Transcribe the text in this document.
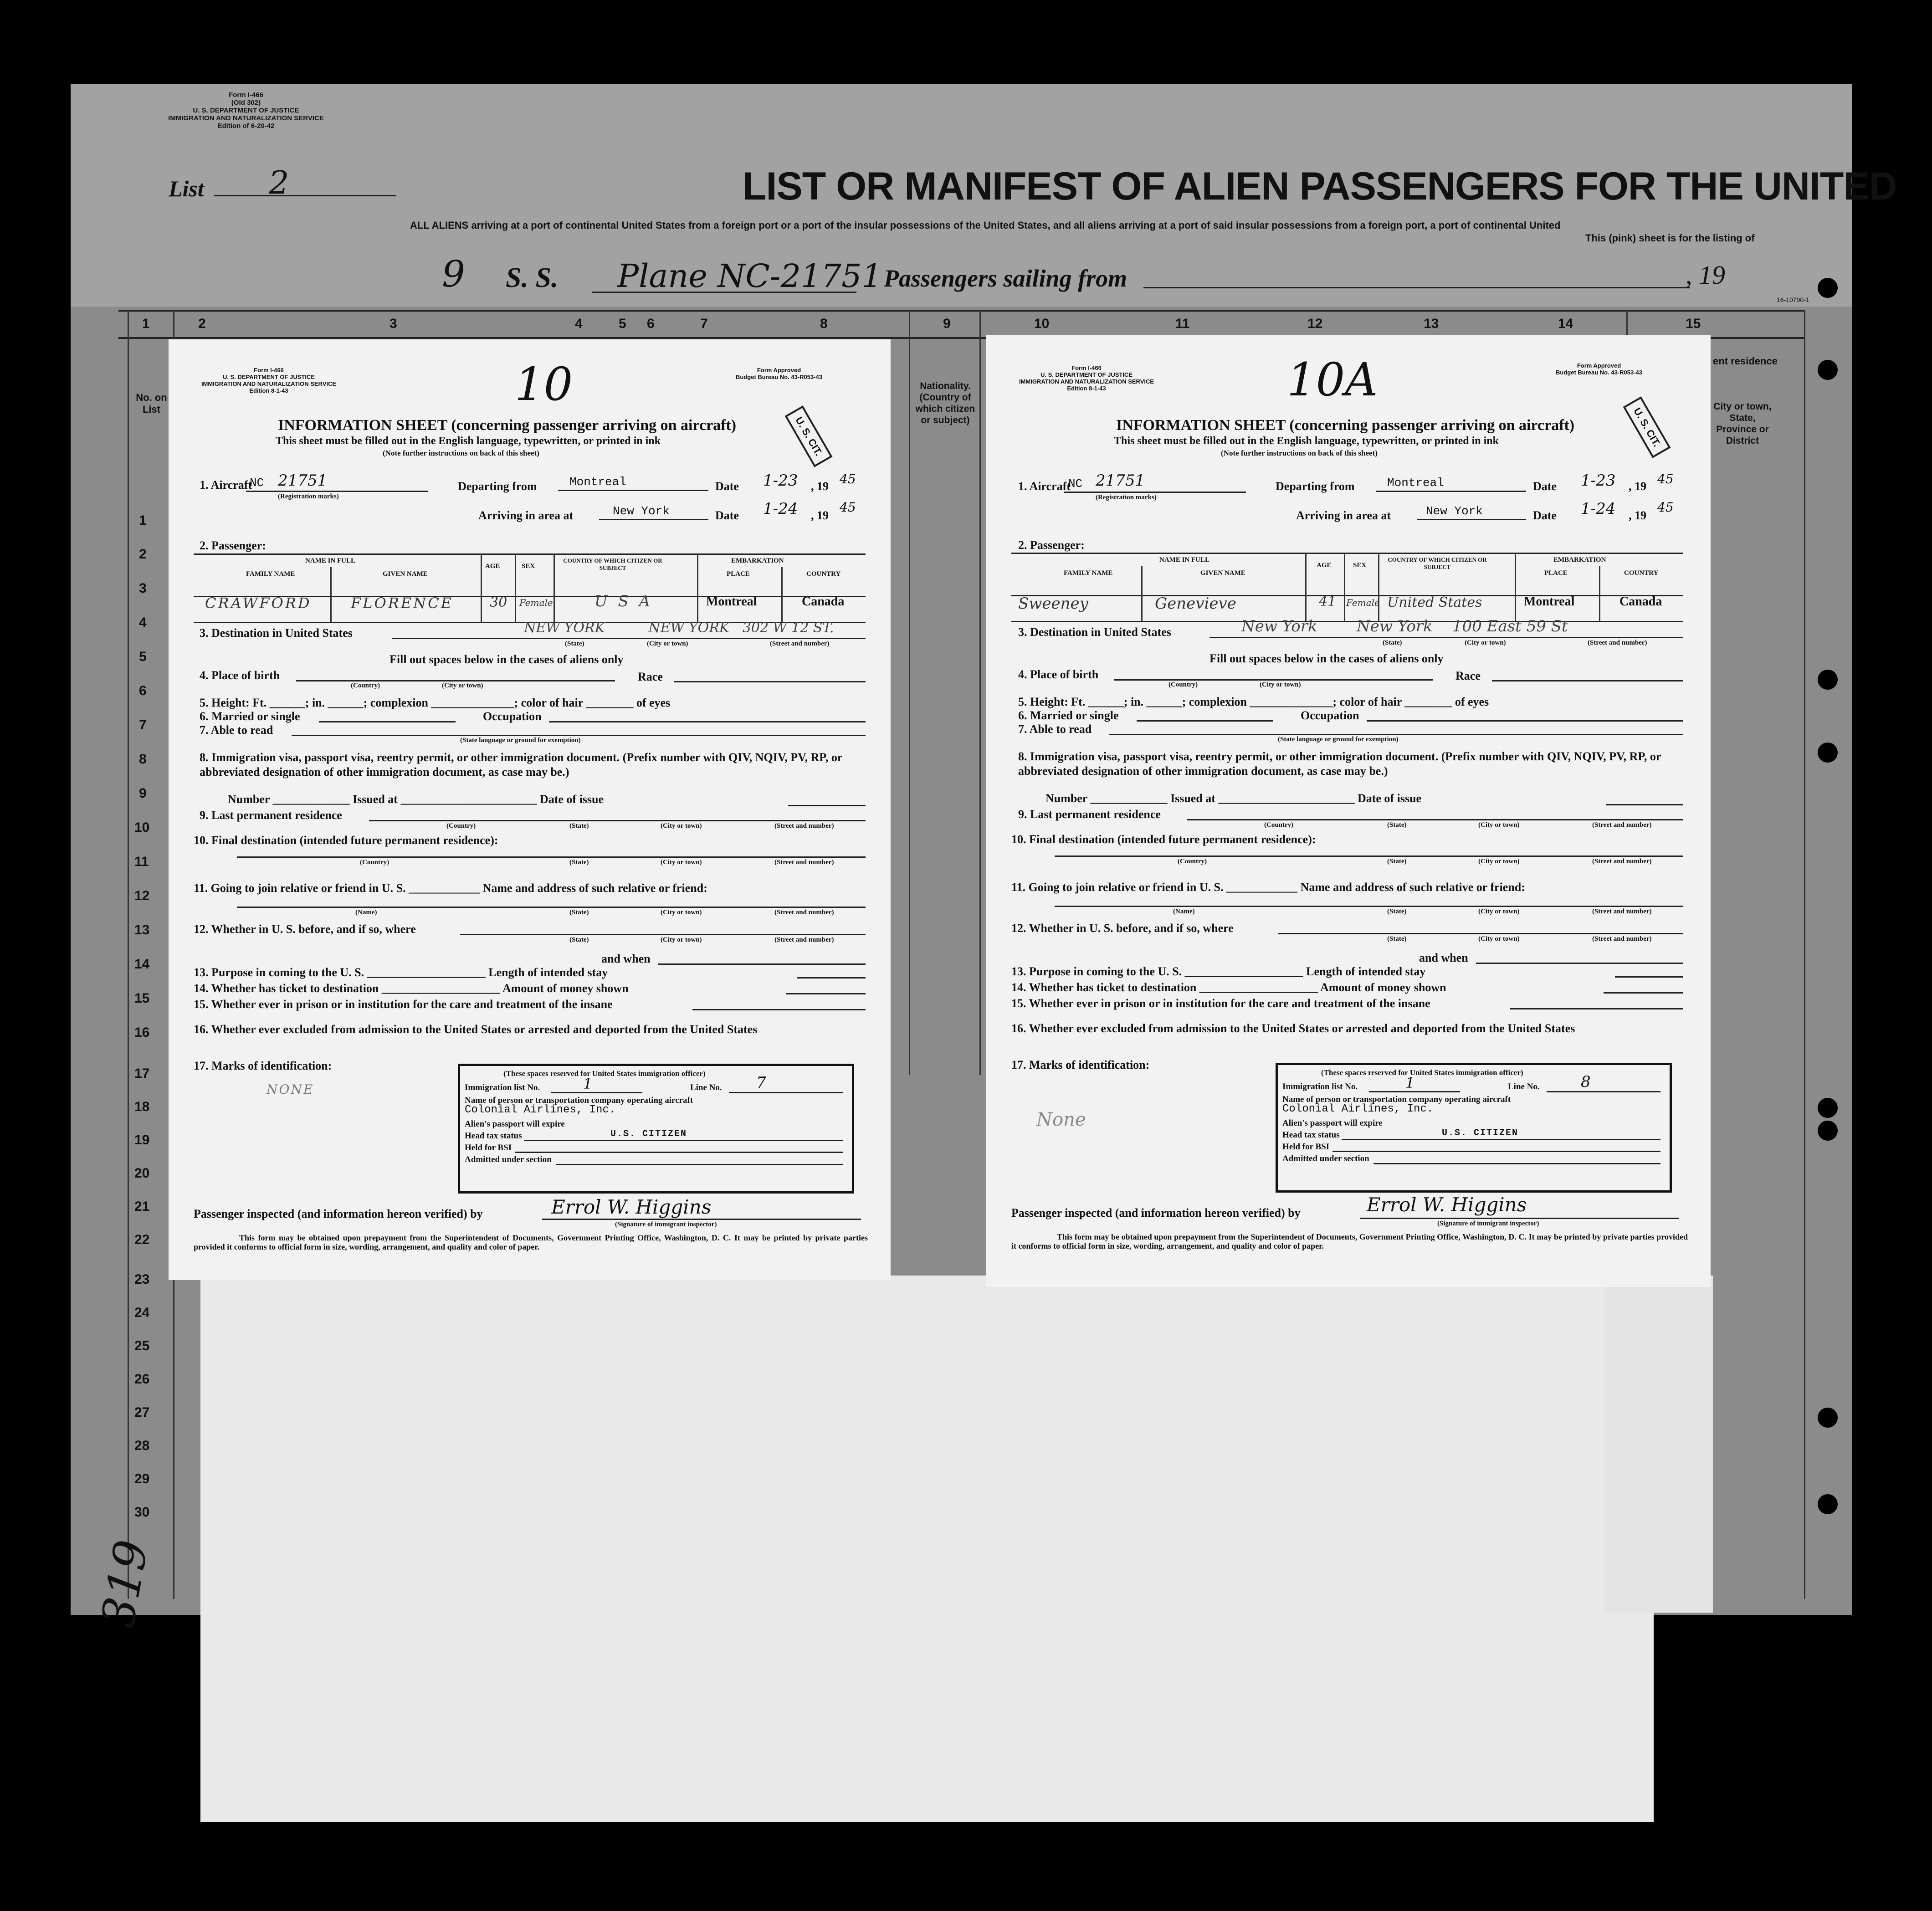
Form I-466
(Old 302)
U. S. DEPARTMENT OF JUSTICE
IMMIGRATION AND NATURALIZATION SERVICE
Edition of 6-20-42
List 2	LIST OR MANIFEST OF ALIEN PASSENGERS FOR THE UNITED
ALL ALIENS arriving at a port of continental United States from a foreign port or a port of the insular possessions of the United States, and all aliens arriving at a port of said insular possessions from a foreign port, a port of continental United
This (pink) sheet is for the listing of
9 S. S. Plane NC-21751 Passengers sailing from	, 19
16-10790-1
1	2	3	4	5 6	7	8	9	10	11	12	13	14	15
No. on List
Nationality. (Country of which citizen or subject)
ent residence
City or town, State, Province or District
1
2
3
4
5
6
7
8
9
10
11
12
13
14
15
16
17
18
19
20
21
22
23
24
25
26
27
28
29
30
319
Form I-466
U. S. DEPARTMENT OF JUSTICE
IMMIGRATION AND NATURALIZATION SERVICE
Edition 8-1-43	10	Form Approved
Budget Bureau No. 43-R053-43
INFORMATION SHEET (concerning passenger arriving on aircraft)
This sheet must be filled out in the English language, typewritten, or printed in ink
(Note further instructions on back of this sheet)	U. S. CIT.
1. Aircraft
NC 21751
(Registration marks)
Departing from	Montreal	Date 1-23 , 19 45
Arriving in area at	New York	Date 1-24 , 19
45
2. Passenger:
NAME IN FULL
FAMILY NAME	GIVEN NAME
AGE	SEX
COUNTRY OF WHICH CITIZEN OR SUBJECT
EMBARKATION
PLACE	COUNTRY
CRAWFORD	FLORENCE	30 Female	U S A	Montreal	Canada
3. Destination in United States	NEW YORK          NEW YORK   302 W 12 ST.
(State)	(City or town)	(Street and number)
Fill out spaces below in the cases of aliens only
4. Place of birth
(Country)	(City or town)
Race
5. Height: Ft. ______; in. ______; complexion ______________; color of hair ________ of eyes
6. Married or single	Occupation
7. Able to read
(State language or ground for exemption)
8. Immigration visa, passport visa, reentry permit, or other immigration document. (Prefix number with QIV, NQIV, PV, RP, or abbreviated designation of other immigration document, as case may be.)
Number _____________ Issued at _______________________ Date of issue
9. Last permanent residence
(Country)	(State)	(City or town)	(Street and number)
10. Final destination (intended future permanent residence):
(Country)	(State)	(City or town)	(Street and number)
11. Going to join relative or friend in U. S. ____________ Name and address of such relative or friend:
(Name)	(State)	(City or town)	(Street and number)
12. Whether in U. S. before, and if so, where
(State)	(City or town)	(Street and number)
and when
13. Purpose in coming to the U. S. ____________________ Length of intended stay
14. Whether has ticket to destination ____________________ Amount of money shown
15. Whether ever in prison or in institution for the care and treatment of the insane
16. Whether ever excluded from admission to the United States or arrested and deported from the United States
17. Marks of identification:
NONE
(These spaces reserved for United States immigration officer)
Immigration list No.	1	Line No. 7
Name of person or transportation company operating aircraft
Colonial Airlines, Inc.
Alien's passport will expire
Head tax status	U.S. CITIZEN
Held for BSI
Admitted under section
Passenger inspected (and information hereon verified) by	Errol W. Higgins
(Signature of immigrant inspector)
This form may be obtained upon prepayment from the Superintendent of Documents, Government Printing Office, Washington, D. C. It may be printed by private parties provided it conforms to official form in size, wording, arrangement, and quality and color of paper.
Form I-466
U. S. DEPARTMENT OF JUSTICE
IMMIGRATION AND NATURALIZATION SERVICE
Edition 8-1-43	10A	Form Approved
Budget Bureau No. 43-R053-43
INFORMATION SHEET (concerning passenger arriving on aircraft)
This sheet must be filled out in the English language, typewritten, or printed in ink
(Note further instructions on back of this sheet)
U. S. CIT.
1. Aircraft
NC 21751
(Registration marks)
Departing from	Montreal	Date 1-23 , 19 45
Arriving in area at	New York	Date 1-24 , 19
45
2. Passenger:
NAME IN FULL
FAMILY NAME	GIVEN NAME
AGE	SEX
COUNTRY OF WHICH CITIZEN OR SUBJECT
EMBARKATION
PLACE	COUNTRY
Sweeney	Genevieve	41 Female United States	Montreal	Canada
3. Destination in United States	New York        New York    100 East 59 St
(State)	(City or town)	(Street and number)
Fill out spaces below in the cases of aliens only
4. Place of birth
(Country)	(City or town)
Race
5. Height: Ft. ______; in. ______; complexion ______________; color of hair ________ of eyes
6. Married or single	Occupation
7. Able to read
(State language or ground for exemption)
8. Immigration visa, passport visa, reentry permit, or other immigration document. (Prefix number with QIV, NQIV, PV, RP, or abbreviated designation of other immigration document, as case may be.)
Number _____________ Issued at _______________________ Date of issue
9. Last permanent residence
(Country)	(State)	(City or town)	(Street and number)
10. Final destination (intended future permanent residence):
(Country)	(State)	(City or town)	(Street and number)
11. Going to join relative or friend in U. S. ____________ Name and address of such relative or friend:
(Name)	(State)	(City or town)	(Street and number)
12. Whether in U. S. before, and if so, where
(State)	(City or town)	(Street and number)
and when
13. Purpose in coming to the U. S. ____________________ Length of intended stay
14. Whether has ticket to destination ____________________ Amount of money shown
15. Whether ever in prison or in institution for the care and treatment of the insane
16. Whether ever excluded from admission to the United States or arrested and deported from the United States
17. Marks of identification:
None
(These spaces reserved for United States immigration officer)
Immigration list No.	1	Line No.	8
Name of person or transportation company operating aircraft
Colonial Airlines, Inc.
Alien's passport will expire
Head tax status	U.S. CITIZEN
Held for BSI
Admitted under section
Passenger inspected (and information hereon verified) by	Errol W. Higgins
(Signature of immigrant inspector)
This form may be obtained upon prepayment from the Superintendent of Documents, Government Printing Office, Washington, D. C. It may be printed by private parties provided it conforms to official form in size, wording, arrangement, and quality and color of paper.
